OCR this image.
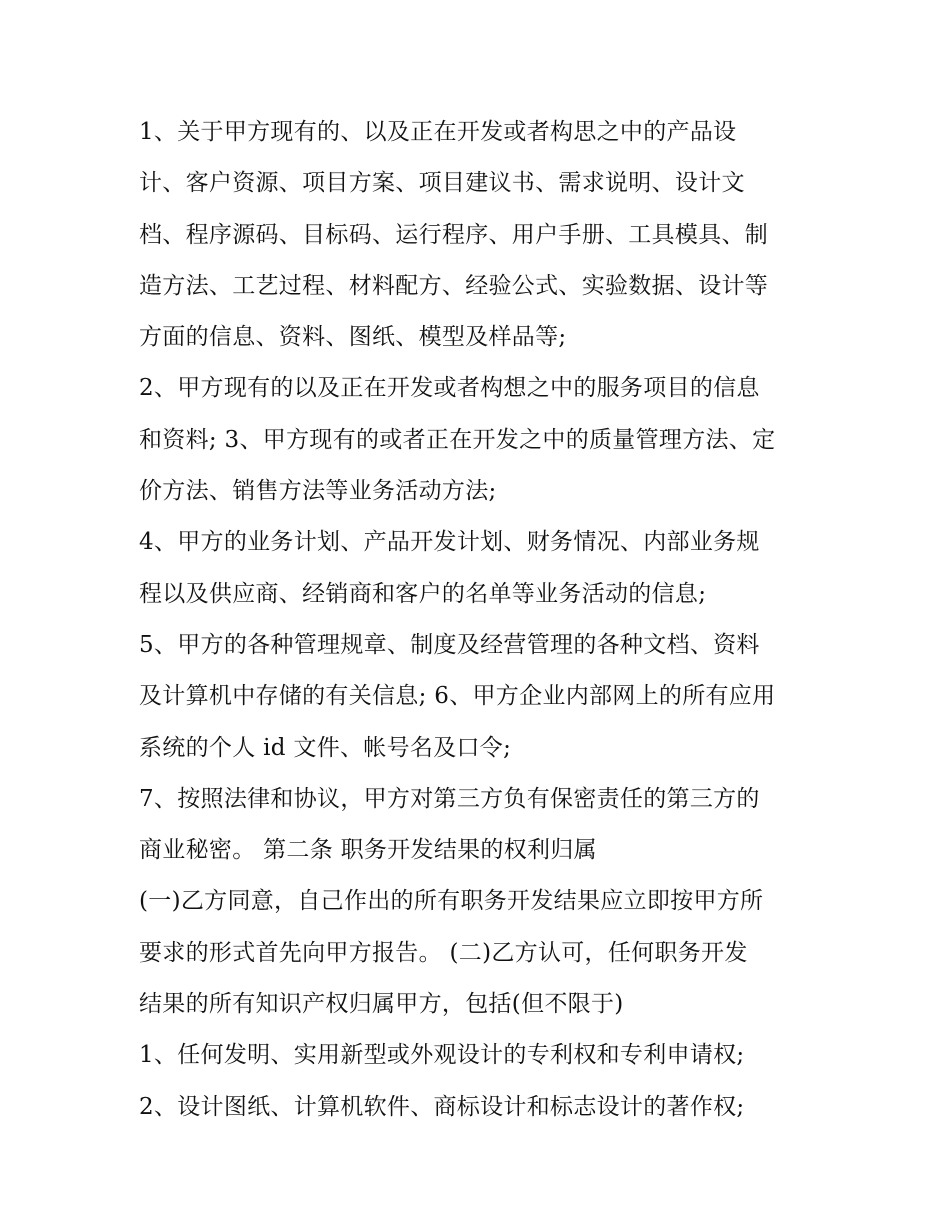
1、关于甲方现有的、以及正在开发或者构思之中的产品设
计、客户资源、项目方案、项目建议书、需求说明、设计文
档、程序源码、目标码、运行程序、用户手册、工具模具、制
造方法、工艺过程、材料配方、经验公式、实验数据、设计等
方面的信息、资料、图纸、模型及样品等;
2、甲方现有的以及正在开发或者构想之中的服务项目的信息
和资料; 3、甲方现有的或者正在开发之中的质量管理方法、定
价方法、销售方法等业务活动方法;
4、甲方的业务计划、产品开发计划、财务情况、内部业务规
程以及供应商、经销商和客户的名单等业务活动的信息;
5、甲方的各种管理规章、制度及经营管理的各种文档、资料
及计算机中存储的有关信息; 6、甲方企业内部网上的所有应用
系统的个人 id 文件、帐号名及口令;
7、按照法律和协议，甲方对第三方负有保密责任的第三方的
商业秘密。 第二条 职务开发结果的权利归属
(一)乙方同意，自己作出的所有职务开发结果应立即按甲方所
要求的形式首先向甲方报告。 (二)乙方认可，任何职务开发
结果的所有知识产权归属甲方，包括(但不限于)
1、任何发明、实用新型或外观设计的专利权和专利申请权;
2、设计图纸、计算机软件、商标设计和标志设计的著作权;
